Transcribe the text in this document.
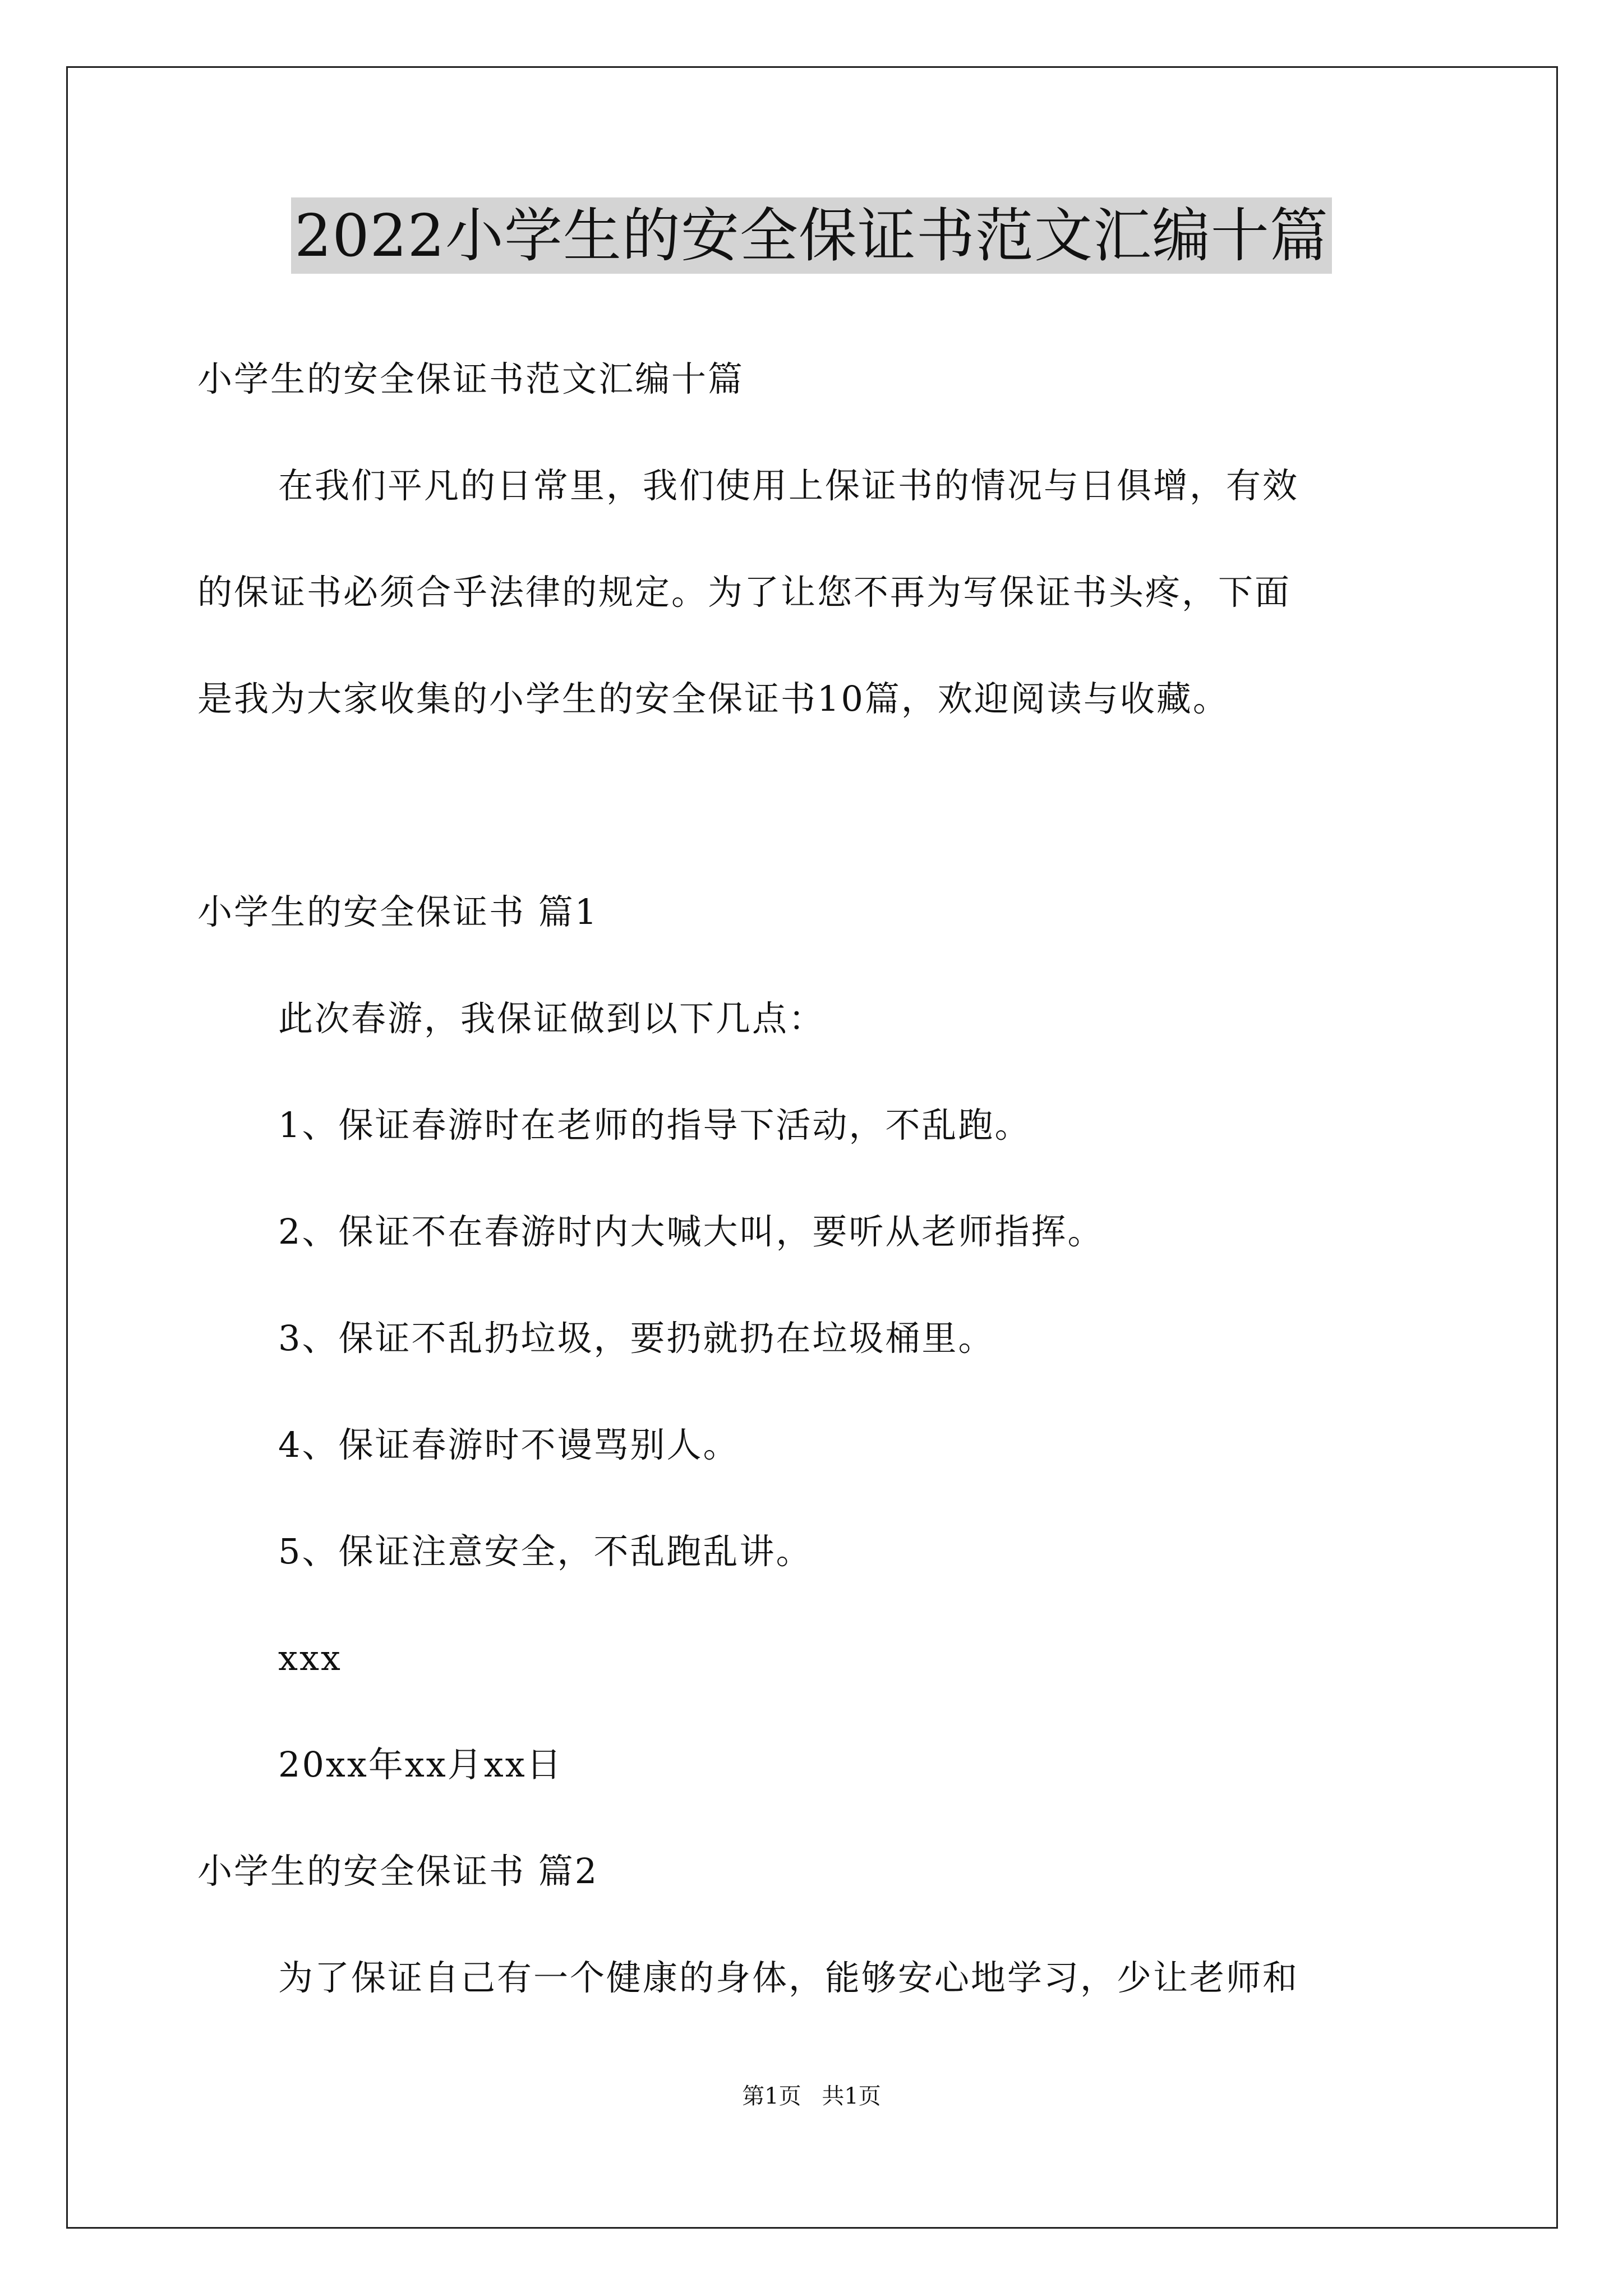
2022小学生的安全保证书范文汇编十篇
小学生的安全保证书范文汇编十篇
在我们平凡的日常里，我们使用上保证书的情况与日俱增，有效
的保证书必须合乎法律的规定。为了让您不再为写保证书头疼，下面
是我为大家收集的小学生的安全保证书10篇，欢迎阅读与收藏。
小学生的安全保证书 篇1
此次春游，我保证做到以下几点：
1、保证春游时在老师的指导下活动，不乱跑。
2、保证不在春游时内大喊大叫，要听从老师指挥。
3、保证不乱扔垃圾，要扔就扔在垃圾桶里。
4、保证春游时不谩骂别人。
5、保证注意安全，不乱跑乱讲。
xxx
20xx年xx月xx日
小学生的安全保证书 篇2
为了保证自己有一个健康的身体，能够安心地学习，少让老师和
第1页 共1页
